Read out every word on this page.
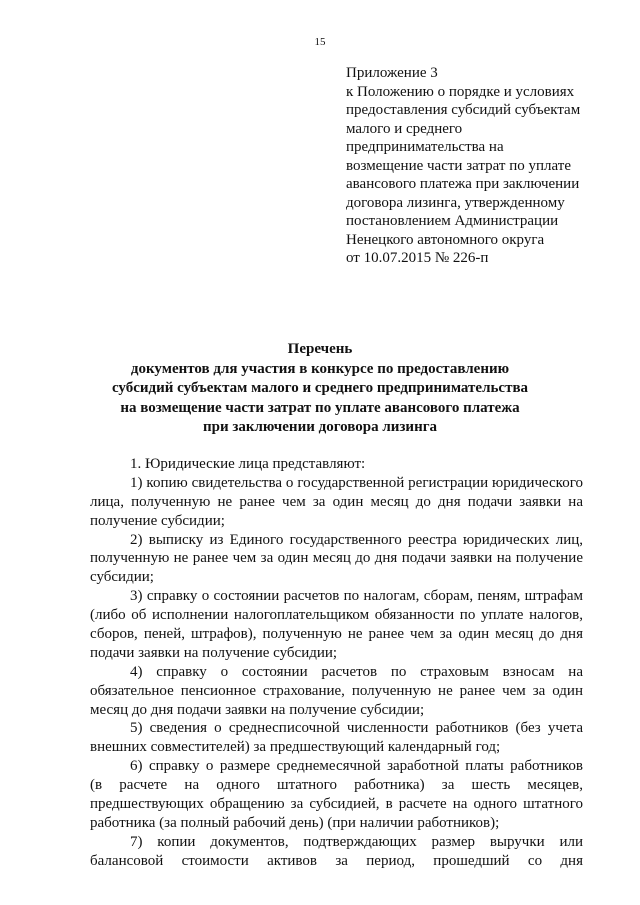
15
Приложение 3
к Положению о порядке и условиях
предоставления субсидий субъектам
малого и среднего
предпринимательства на
возмещение части затрат по уплате
авансового платежа при заключении
договора лизинга, утвержденному
постановлением Администрации
Ненецкого автономного округа
от 10.07.2015 № 226-п
Перечень
документов для участия в конкурсе по предоставлению
субсидий субъектам малого и среднего предпринимательства
на возмещение части затрат по уплате авансового платежа
при заключении договора лизинга
1. Юридические лица представляют:
1) копию свидетельства о государственной регистрации юридического
лица, полученную не ранее чем за один месяц до дня подачи заявки на
получение субсидии;
2) выписку из Единого государственного реестра юридических лиц,
полученную не ранее чем за один месяц до дня подачи заявки на получение
субсидии;
3) справку о состоянии расчетов по налогам, сборам, пеням, штрафам
(либо об исполнении налогоплательщиком обязанности по уплате налогов,
сборов, пеней, штрафов), полученную не ранее чем за один месяц до дня
подачи заявки на получение субсидии;
4) справку о состоянии расчетов по страховым взносам на
обязательное пенсионное страхование, полученную не ранее чем за один
месяц до дня подачи заявки на получение субсидии;
5) сведения о среднесписочной численности работников (без учета
внешних совместителей) за предшествующий календарный год;
6) справку о размере среднемесячной заработной платы работников
(в расчете на одного штатного работника) за шесть месяцев,
предшествующих обращению за субсидией, в расчете на одного штатного
работника (за полный рабочий день) (при наличии работников);
7) копии документов, подтверждающих размер выручки или
балансовой стоимости активов за период, прошедший со дня
